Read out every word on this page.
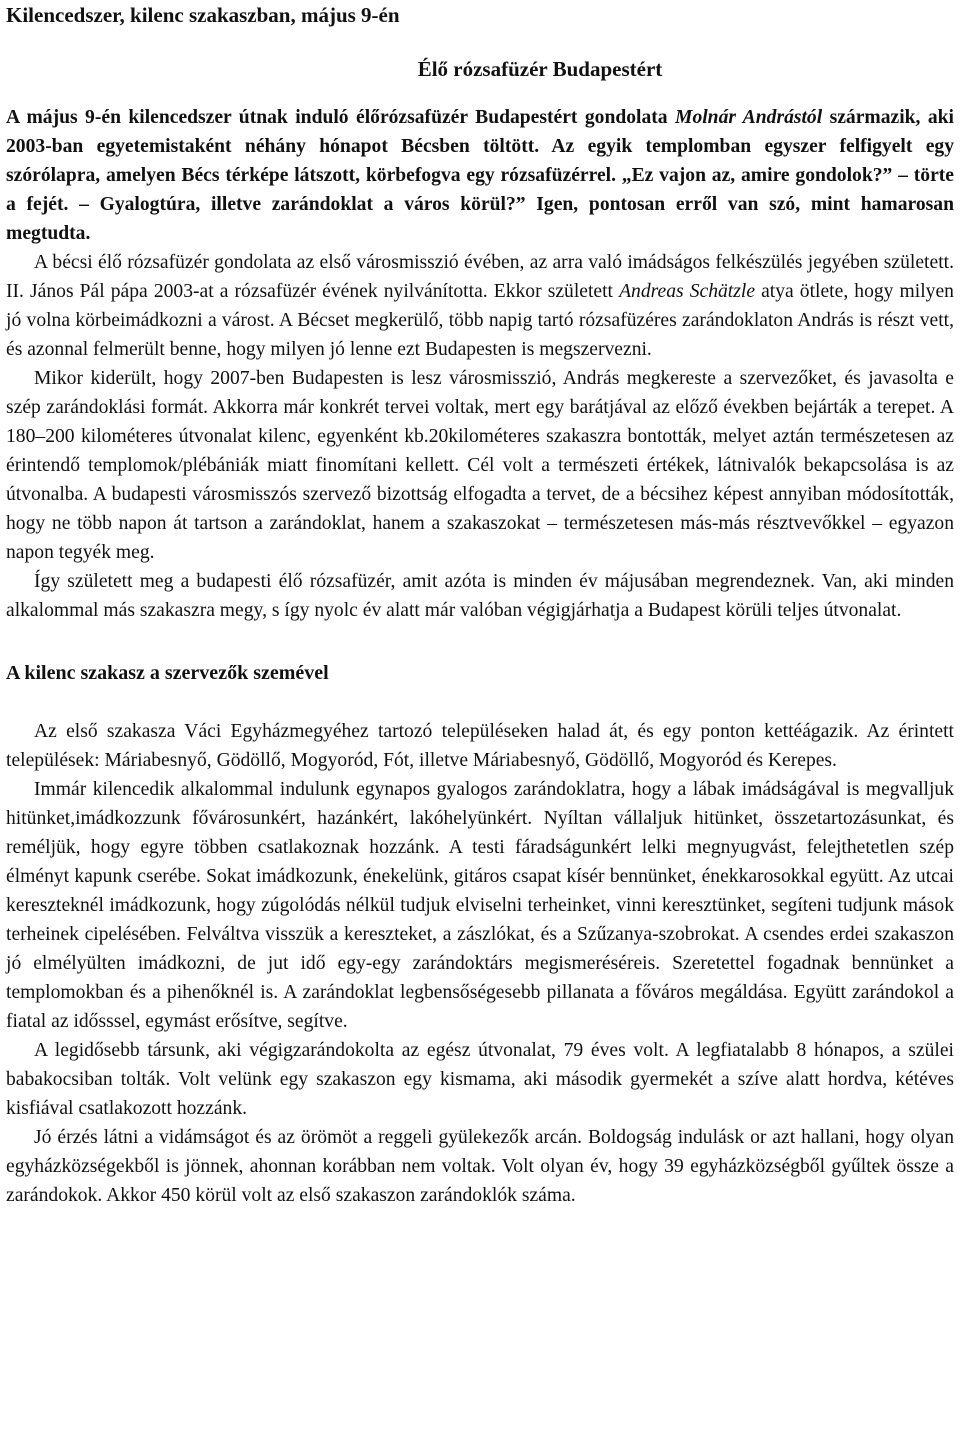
Kilencedszer, kilenc szakaszban, május 9-én
Élő rózsafüzér Budapestért

A május 9-én kilencedszer útnak induló élőrózsafüzér Budapestért gondolata Molnár Andrástól származik, aki 2003-ban egyetemistaként néhány hónapot Bécsben töltött. Az egyik templomban egyszer felfigyelt egy szórólapra, amelyen Bécs térképe látszott, körbefogva egy rózsafüzérrel. „Ez vajon az, amire gondolok?” – törte a fejét. – Gyalogtúra, illetve zarándoklat a város körül?” Igen, pontosan erről van szó, mint hamarosan megtudta.

A bécsi élő rózsafüzér gondolata az első városmisszió évében, az arra való imádságos felkészülés jegyében született. II. János Pál pápa 2003-at a rózsafüzér évének nyilvánította. Ekkor született Andreas Schätzle atya ötlete, hogy milyen jó volna körbeimádkozni a várost. A Bécset megkerülő, több napig tartó rózsafüzéres zarándoklaton András is részt vett, és azonnal felmerült benne, hogy milyen jó lenne ezt Budapesten is megszervezni.

Mikor kiderült, hogy 2007-ben Budapesten is lesz városmisszió, András megkereste a szervezőket, és javasolta e szép zarándoklási formát. Akkorra már konkrét tervei voltak, mert egy barátjával az előző években bejárták a terepet. A 180–200 kilométeres útvonalat kilenc, egyenként kb.20kilométeres szakaszra bontották, melyet aztán természetesen az érintendő templomok/plébániák miatt finomítani kellett. Cél volt a természeti értékek, látnivalók bekapcsolása is az útvonalba. A budapesti városmisszós szervező bizottság elfogadta a tervet, de a bécsihez képest annyiban módosították, hogy ne több napon át tartson a zarándoklat, hanem a szakaszokat – természetesen más-más résztvevőkkel – egyazon napon tegyék meg.

Így született meg a budapesti élő rózsafüzér, amit azóta is minden év májusában megrendeznek. Van, aki minden alkalommal más szakaszra megy, s így nyolc év alatt már valóban végigjárhatja a Budapest körüli teljes útvonalat.

A kilenc szakasz a szervezők szemével

Az első szakasza Váci Egyházmegyéhez tartozó településeken halad át, és egy ponton kettéágazik. Az érintett települések: Máriabesnyő, Gödöllő, Mogyoród, Fót, illetve Máriabesnyő, Gödöllő, Mogyoród és Kerepes.

Immár kilencedik alkalommal indulunk egynapos gyalogos zarándoklatra, hogy a lábak imádságával is megvalljuk hitünket,imádkozzunk fővárosunkért, hazánkért, lakóhelyünkért. Nyíltan vállaljuk hitünket, összetartozásunkat, és reméljük, hogy egyre többen csatlakoznak hozzánk. A testi fáradságunkért lelki megnyugvást, felejthetetlen szép élményt kapunk cserébe. Sokat imádkozunk, énekelünk, gitáros csapat kísér bennünket, énekkarosokkal együtt. Az utcai kereszteknél imádkozunk, hogy zúgolódás nélkül tudjuk elviselni terheinket, vinni keresztünket, segíteni tudjunk mások terheinek cipelésében. Felváltva visszük a kereszteket, a zászlókat, és a Szűzanya-szobrokat. A csendes erdei szakaszon jó elmélyülten imádkozni, de jut idő egy-egy zarándoktárs megismeréséreis. Szeretettel fogadnak bennünket a templomokban és a pihenőknél is. A zarándoklat legbensőségesebb pillanata a főváros megáldása. Együtt zarándokol a fiatal az idősssel, egymást erősítve, segítve.

A legidősebb társunk, aki végigzarándokolta az egész útvonalat, 79 éves volt. A legfiatalabb 8 hónapos, a szülei babakocsiban tolták. Volt velünk egy szakaszon egy kismama, aki második gyermekét a szíve alatt hordva, kétéves kisfiával csatlakozott hozzánk.

Jó érzés látni a vidámságot és az örömöt a reggeli gyülekezők arcán. Boldogság indulásk or azt hallani, hogy olyan egyházközségekből is jönnek, ahonnan korábban nem voltak. Volt olyan év, hogy 39 egyházközségből gyűltek össze a zarándokok. Akkor 450 körül volt az első szakaszon zarándoklók száma.
